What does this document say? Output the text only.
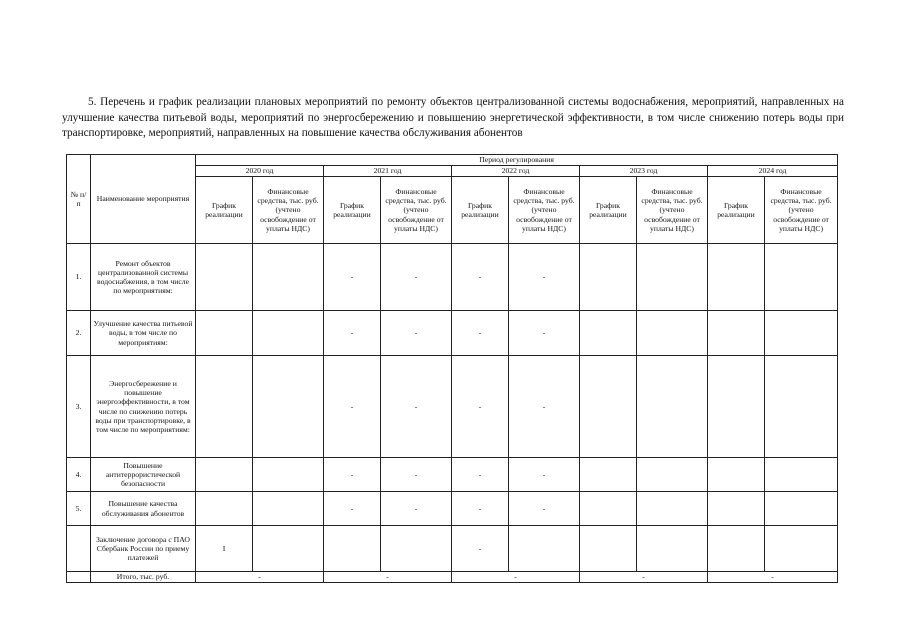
5. Перечень и график реализации плановых мероприятий по ремонту объектов централизованной системы водоснабжения, мероприятий, направленных на улучшение качества питьевой воды, мероприятий по энергосбережению и повышению энергетической эффективности, в том числе снижению потерь воды при транспортировке, мероприятий, направленных на повышение качества обслуживания абонентов

№ п/п	Наименование мероприятия	Период регулирования									
		2020 год		2021 год		2022 год		2023 год		2024 год	
		График реализации	Финансовые средства, тыс. руб. (учтено освобождение от уплаты НДС)	График реализации	Финансовые средства, тыс. руб. (учтено освобождение от уплаты НДС)	График реализации	Финансовые средства, тыс. руб. (учтено освобождение от уплаты НДС)	График реализации	Финансовые средства, тыс. руб. (учтено освобождение от уплаты НДС)	График реализации	Финансовые средства, тыс. руб. (учтено освобождение от уплаты НДС)
1.	Ремонт объектов централизованной системы водоснабжения, в том числе по мероприятиям:			-	-	-	-				
2.	Улучшение качества питьевой воды, в том числе по мероприятиям:			-	-	-	-				
3.	Энергосбережение и повышение энергоэффективности, в том числе по снижению потерь воды при транспортировке, в том числе по мероприятиям:			-	-	-	-				
4.	Повышение антитеррористической безопасности			-	-	-	-				
5.	Повышение качества обслуживания абонентов			-	-	-	-				
	Заключение договора с ПАО Сбербанк России по приему платежей	I				-					
	Итого, тыс. руб.	-		-		-		-		-	
